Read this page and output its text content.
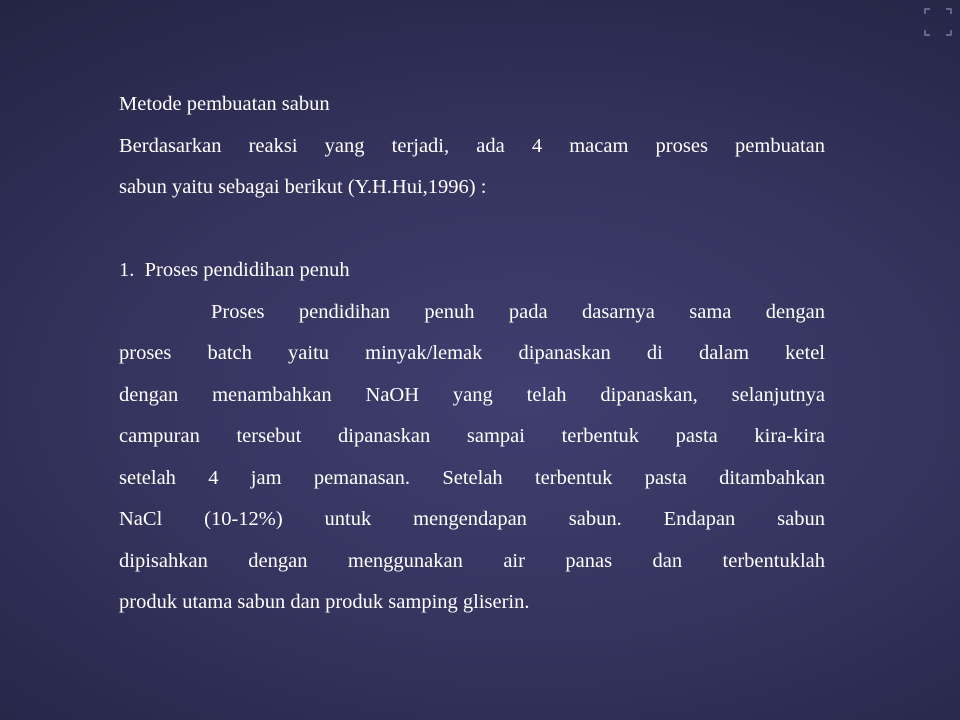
Metode pembuatan sabun

Berdasarkan reaksi yang terjadi, ada 4 macam proses pembuatan

sabun yaitu sebagai berikut (Y.H.Hui,1996) :

1. Proses pendidihan penuh

Proses pendidihan penuh pada dasarnya sama dengan

proses batch yaitu minyak/lemak dipanaskan di dalam ketel

dengan menambahkan NaOH yang telah dipanaskan, selanjutnya

campuran tersebut dipanaskan sampai terbentuk pasta kira-kira

setelah 4 jam pemanasan. Setelah terbentuk pasta ditambahkan

NaCl (10-12%) untuk mengendapan sabun. Endapan sabun

dipisahkan dengan menggunakan air panas dan terbentuklah

produk utama sabun dan produk samping gliserin.
